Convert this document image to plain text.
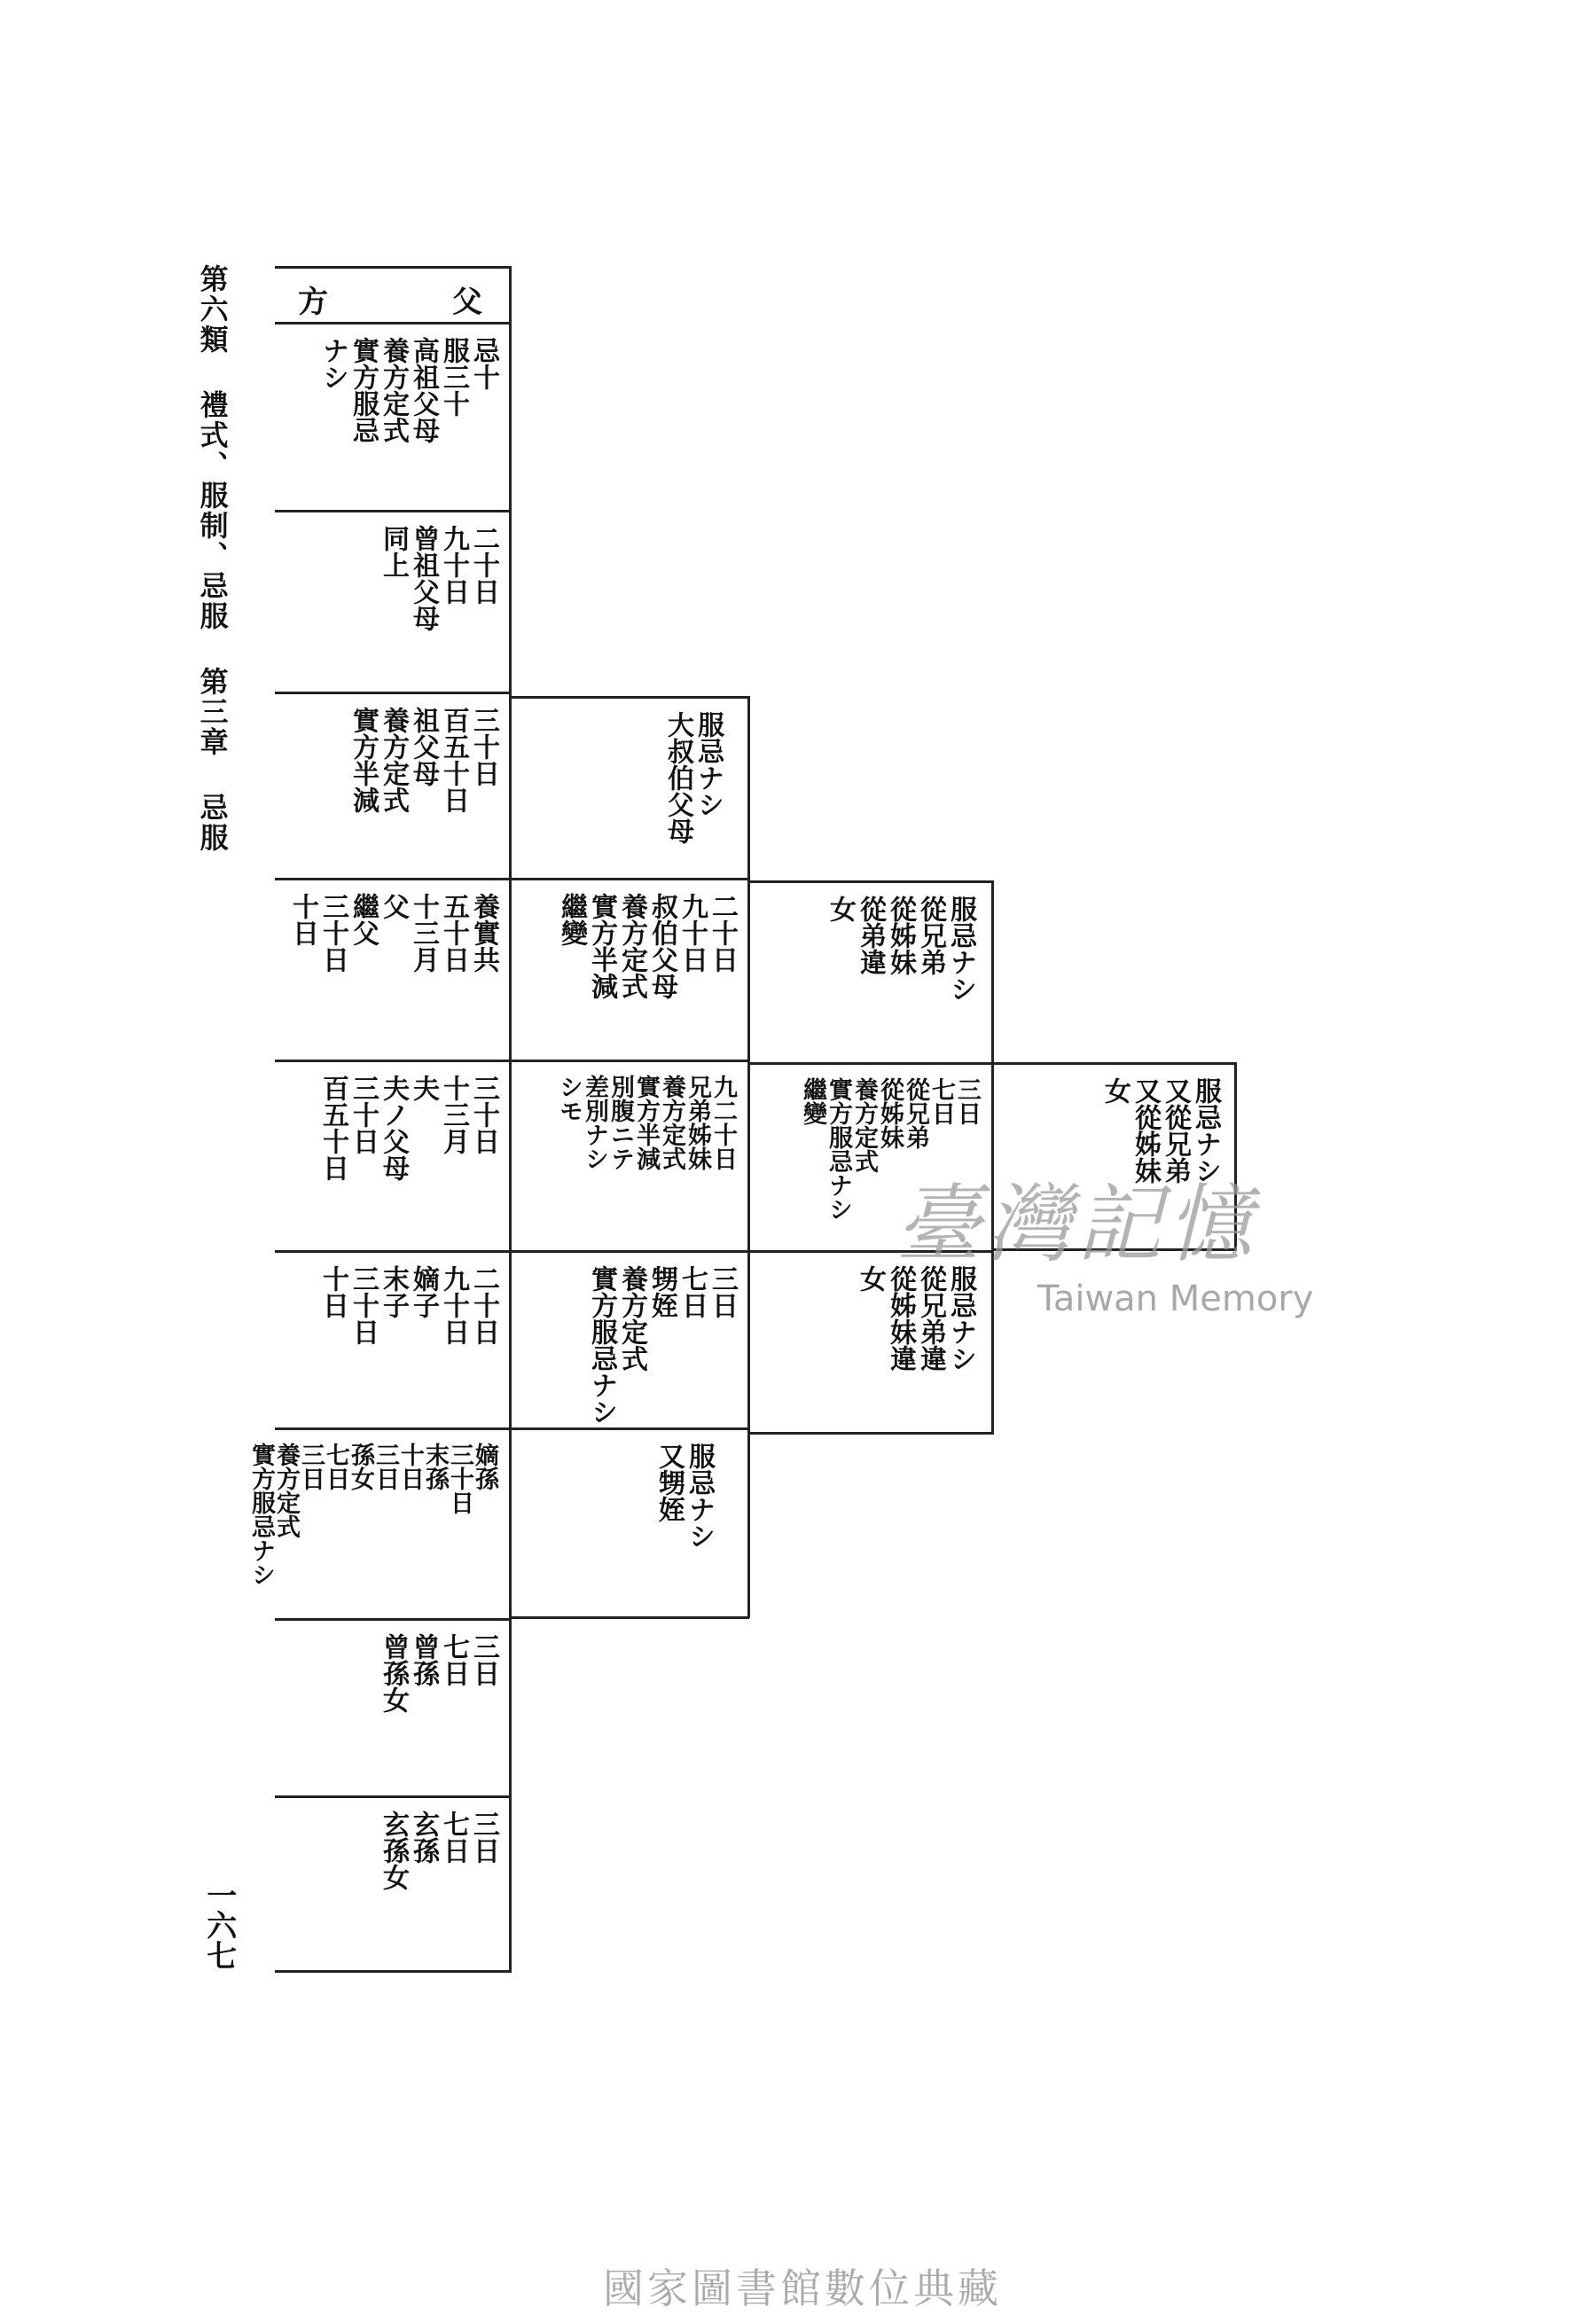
第六類 禮式、服制、忌服 第三章 忌服
一六七
方	父
忌十
服三十
高祖父母
養方定式
實方服忌
ナシ
二十日
九十日
曾祖父母
同上
三十日
百五十日
祖父母
養方定式
實方半減
養實共
五十日
十三月
父
繼父
三十日
十日
三十日
十三月
夫
夫ノ父母
三十日
百五十日
二十日
九十日
嫡子
末子
三十日
十日
嫡孫
三十日
末孫
十日
三日
孫女
七日
三日
養方定式
實方服忌ナシ
三日
七日
曾孫
曾孫女
三日
七日
玄孫
玄孫女
服忌ナシ
大叔伯父母
二十日
九十日
叔伯父母
養方定式
實方半減
繼變
九二十日
兄弟姊妹
養方定式
實方半減
別腹ニテ
差別ナシ
シモ
三日
七日
甥姪
養方定式
實方服忌ナシ
服忌ナシ
又甥姪
服忌ナシ
從兄弟
從姊妹
從弟違
女
三日
七日
從兄弟
從姊妹
養方定式
實方服忌ナシ
繼變
服忌ナシ
從兄弟違
從姊妹違
女
服忌ナシ
又從兄弟
又從姊妹
女
臺灣記憶
Taiwan Memory
國家圖書館數位典藏
